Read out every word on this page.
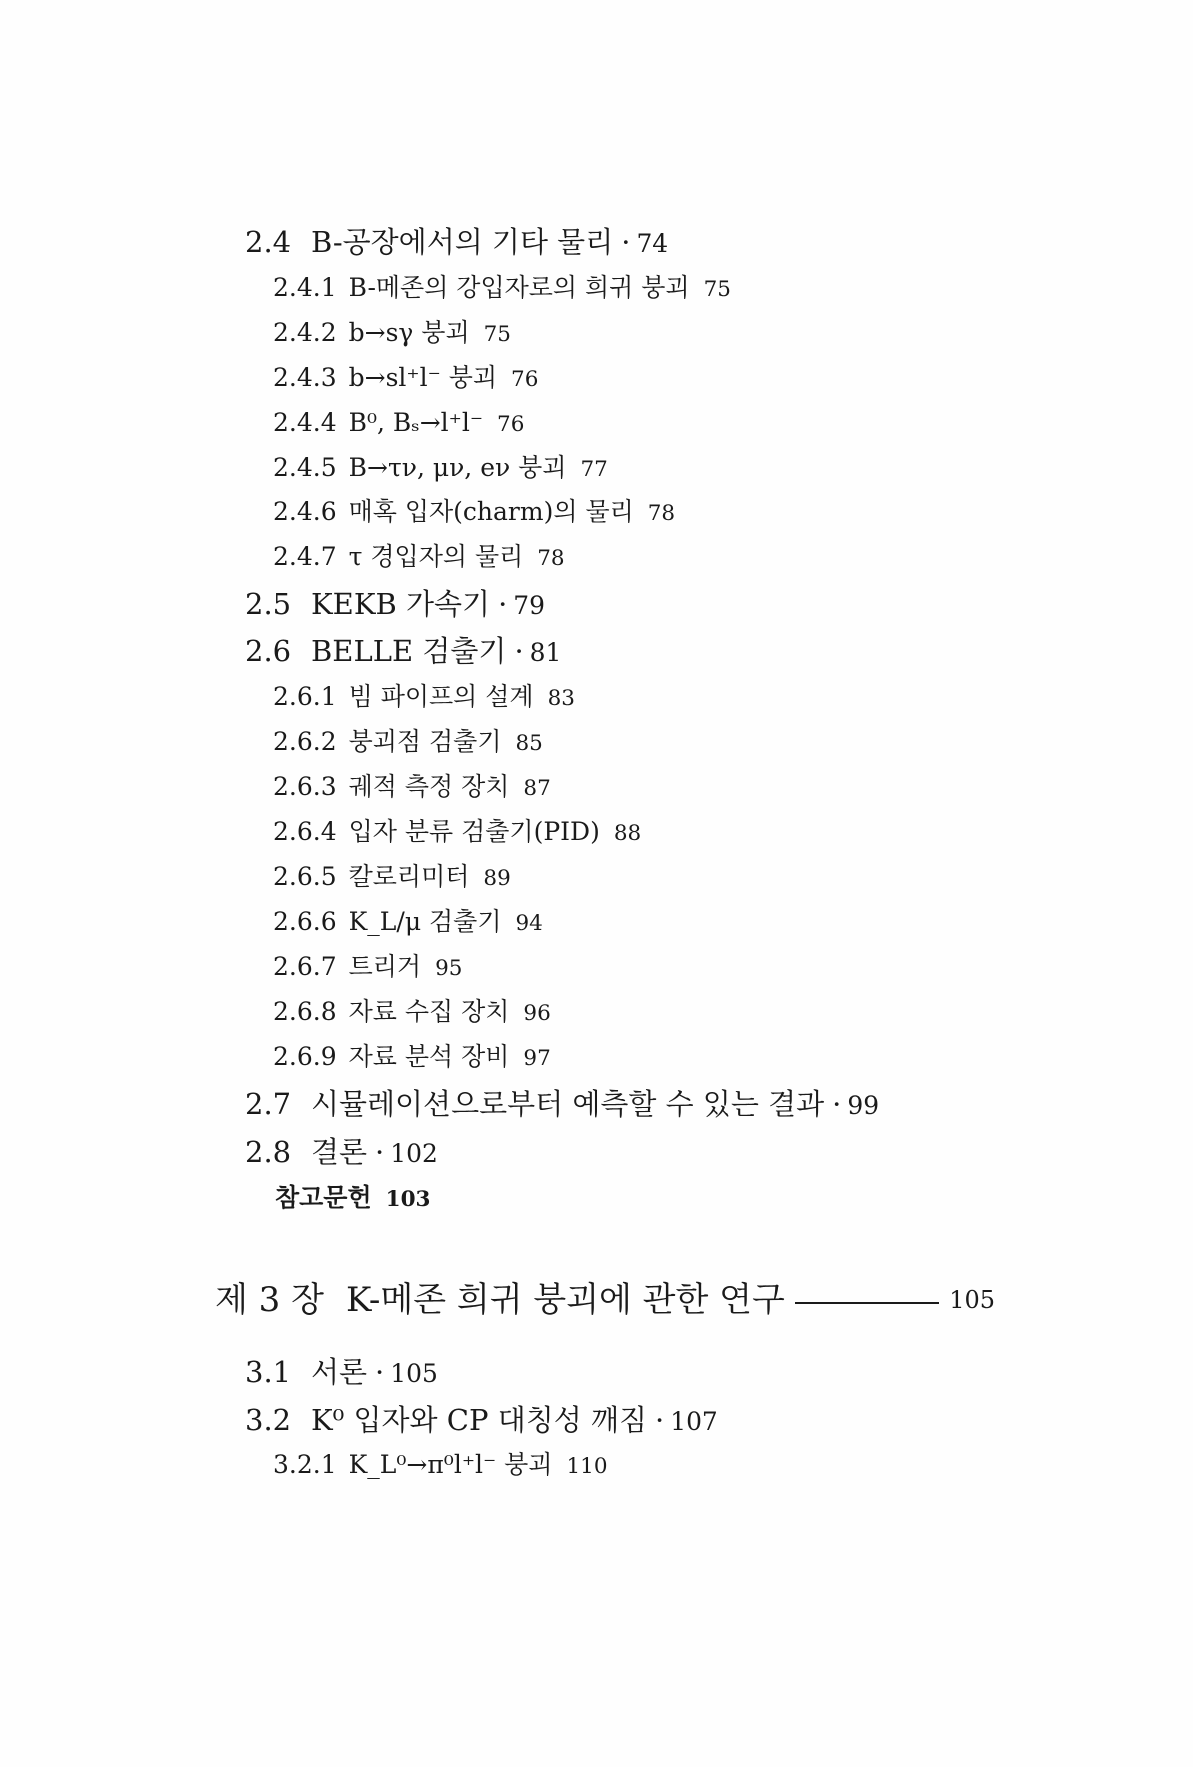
2.4 B-공장에서의 기타 물리 · 74
2.4.1 B-메존의 강입자로의 희귀 붕괴 75
2.4.2 b→sγ 붕괴 75
2.4.3 b→sl⁺l⁻ 붕괴 76
2.4.4 B⁰, Bₛ→l⁺l⁻ 76
2.4.5 B→τν, μν, eν 붕괴 77
2.4.6 매혹 입자(charm)의 물리 78
2.4.7 τ 경입자의 물리 78
2.5 KEKB 가속기 · 79
2.6 BELLE 검출기 · 81
2.6.1 빔 파이프의 설계 83
2.6.2 붕괴점 검출기 85
2.6.3 궤적 측정 장치 87
2.6.4 입자 분류 검출기(PID) 88
2.6.5 칼로리미터 89
2.6.6 K_L/μ 검출기 94
2.6.7 트리거 95
2.6.8 자료 수집 장치 96
2.6.9 자료 분석 장비 97
2.7 시뮬레이션으로부터 예측할 수 있는 결과 · 99
2.8 결론 · 102
참고문헌 103
제 3 장 K-메존 희귀 붕괴에 관한 연구	105
3.1 서론 · 105
3.2 K⁰ 입자와 CP 대칭성 깨짐 · 107
3.2.1 K_L⁰→π⁰l⁺l⁻ 붕괴 110
